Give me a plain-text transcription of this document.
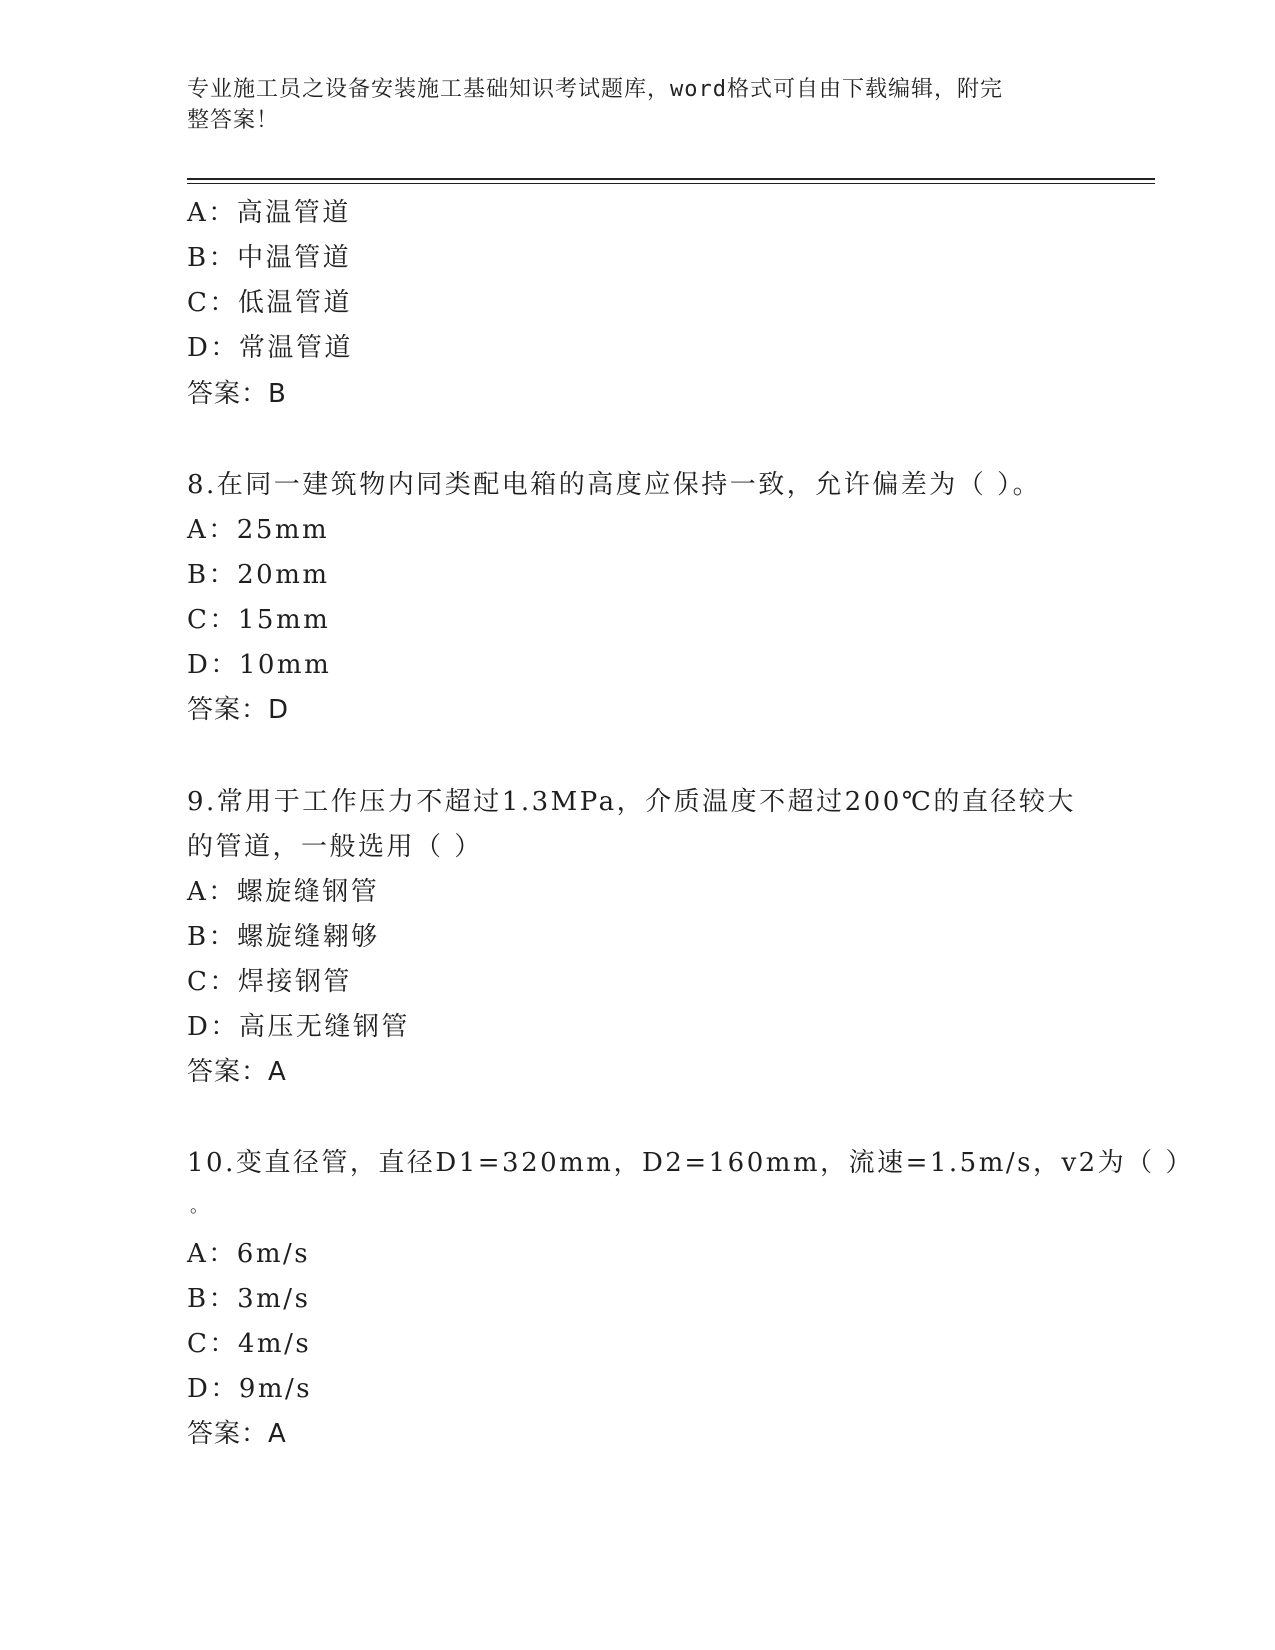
专业施工员之设备安装施工基础知识考试题库，word格式可自由下载编辑，附完
整答案！
A：高温管道
B：中温管道
C：低温管道
D：常温管道
答案：B
8.在同一建筑物内同类配电箱的高度应保持一致，允许偏差为（ ）。
A：25mm
B：20mm
C：15mm
D：10mm
答案：D
9.常用于工作压力不超过1.3MPa，介质温度不超过200℃的直径较大
的管道，一般选用（ ）
A：螺旋缝钢管
B：螺旋缝翱够
C：焊接钢管
D：高压无缝钢管
答案：A
10.变直径管，直径D1=320mm，D2=160mm，流速=1.5m/s，v2为（ ）
。
A：6m/s
B：3m/s
C：4m/s
D：9m/s
答案：A
